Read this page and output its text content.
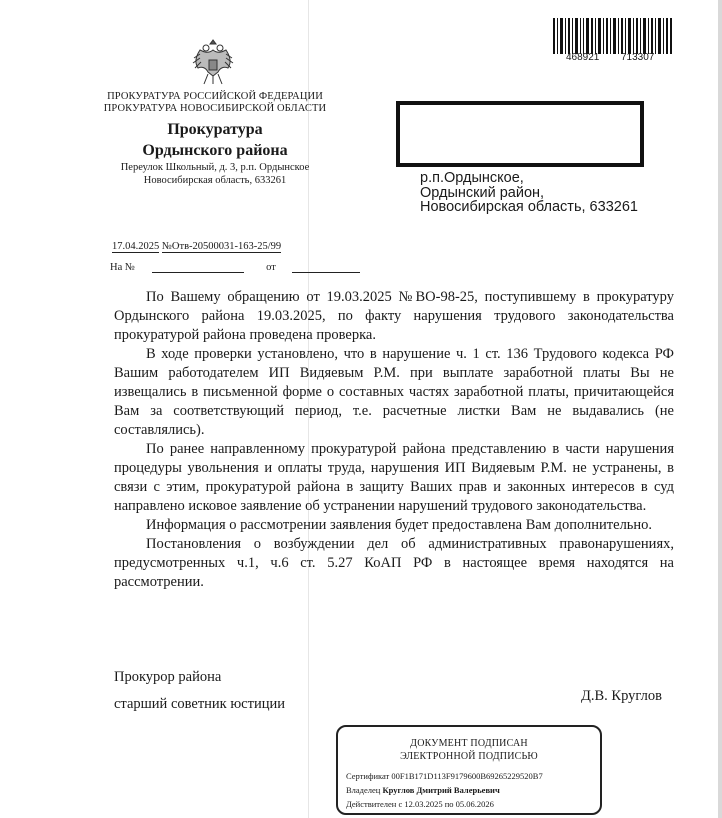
468921 713307
ПРОКУРАТУРА РОССИЙСКОЙ ФЕДЕРАЦИИ
ПРОКУРАТУРА НОВОСИБИРСКОЙ ОБЛАСТИ
Прокуратура
Ордынского района
Переулок Школьный, д. 3, р.п. Ордынское
Новосибирская область, 633261	р.п.Ордынское,
Ордынский район,
Новосибирская область, 633261
17.04.2025 №Отв-20500031-163-25/99
На №	от

По Вашему обращению от 19.03.2025 №ВО-98-25, поступившему в прокуратуру Ордынского района 19.03.2025, по факту нарушения трудового законодательства прокуратурой района проведена проверка.

В ходе проверки установлено, что в нарушение ч. 1 ст. 136 Трудового кодекса РФ Вашим работодателем ИП Видяевым Р.М. при выплате заработной платы Вы не извещались в письменной форме о составных частях заработной платы, причитающейся Вам за соответствующий период, т.е. расчетные листки Вам не выдавались (не составлялись).

По ранее направленному прокуратурой района представлению в части нарушения процедуры увольнения и оплаты труда, нарушения ИП Видяевым Р.М. не устранены, в связи с этим, прокуратурой района в защиту Ваших прав и законных интересов в суд направлено исковое заявление об устранении нарушений трудового законодательства.

Информация о рассмотрении заявления будет предоставлена Вам дополнительно.

Постановления о возбуждении дел об административных правонарушениях, предусмотренных ч.1, ч.6 ст. 5.27 КоАП РФ в настоящее время находятся на рассмотрении.

Прокурор района
старший советник юстиции	Д.В. Круглов
ДОКУМЕНТ ПОДПИСАН
ЭЛЕКТРОННОЙ ПОДПИСЬЮ
Сертификат 00F1B171D113F9179600B69265229520B7
Владелец Круглов Дмитрий Валерьевич
Действителен с 12.03.2025 по 05.06.2026
